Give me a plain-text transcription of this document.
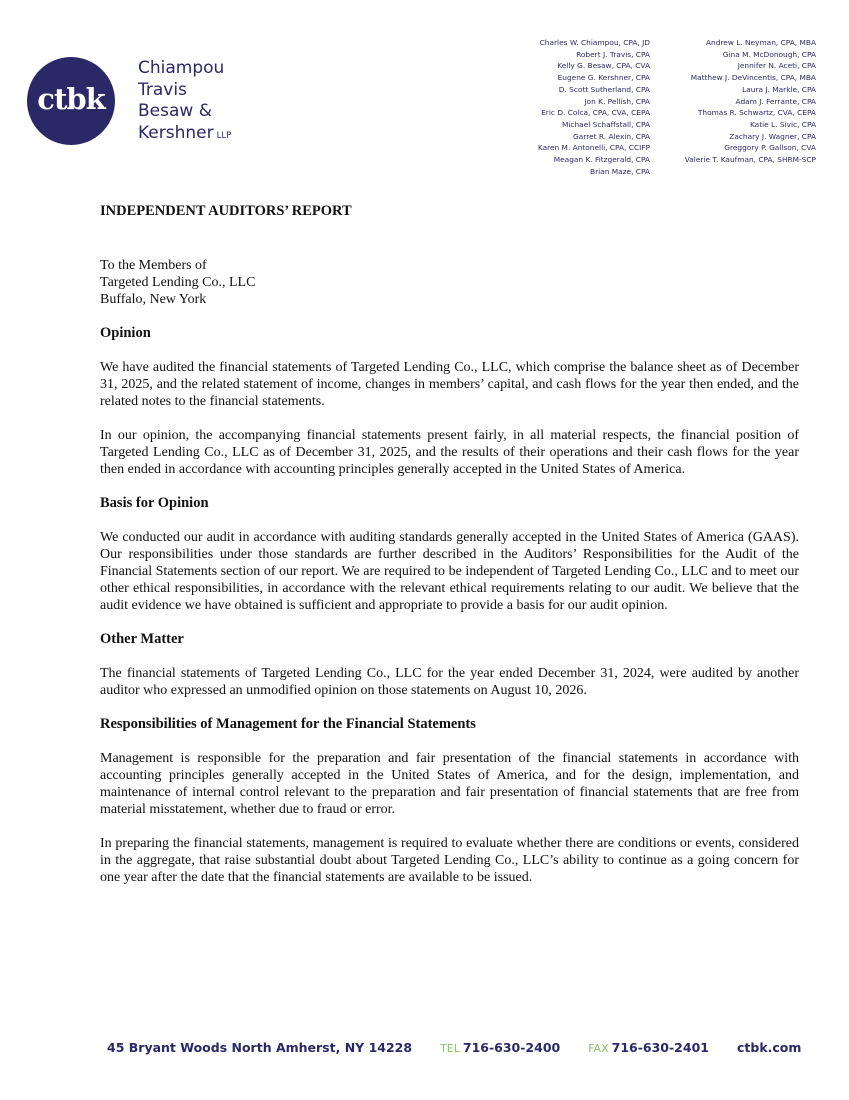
ctbk
Chiampou
Travis
Besaw &
Kershner LLP
Charles W. Chiampou, CPA, JD
Robert J. Travis, CPA
Kelly G. Besaw, CPA, CVA
Eugene G. Kershner, CPA
D. Scott Sutherland, CPA
Jon K. Pellish, CPA
Eric D. Colca, CPA, CVA, CEPA
Michael Schaffstall, CPA
Garret R. Alexin, CPA
Karen M. Antonelli, CPA, CCIFP
Meagan K. Fitzgerald, CPA
Brian Maze, CPA
Andrew L. Neyman, CPA, MBA
Gina M. McDonough, CPA
Jennifer N. Aceti, CPA
Matthew J. DeVincentis, CPA, MBA
Laura J. Markle, CPA
Adam J. Ferrante, CPA
Thomas R. Schwartz, CVA, CEPA
Katie L. Sivic, CPA
Zachary J. Wagner, CPA
Greggory P. Gallson, CVA
Valerie T. Kaufman, CPA, SHRM-SCP
INDEPENDENT AUDITORS’ REPORT
To the Members of
Targeted Lending Co., LLC
Buffalo, New York
Opinion

We have audited the financial statements of Targeted Lending Co., LLC, which comprise the balance sheet as of December 31, 2025, and the related statement of income, changes in members’ capital, and cash flows for the year then ended, and the related notes to the financial statements.

In our opinion, the accompanying financial statements present fairly, in all material respects, the financial position of Targeted Lending Co., LLC as of December 31, 2025, and the results of their operations and their cash flows for the year then ended in accordance with accounting principles generally accepted in the United States of America.

Basis for Opinion

We conducted our audit in accordance with auditing standards generally accepted in the United States of America (GAAS). Our responsibilities under those standards are further described in the Auditors’ Responsibilities for the Audit of the Financial Statements section of our report. We are required to be independent of Targeted Lending Co., LLC and to meet our other ethical responsibilities, in accordance with the relevant ethical requirements relating to our audit. We believe that the audit evidence we have obtained is sufficient and appropriate to provide a basis for our audit opinion.

Other Matter

The financial statements of Targeted Lending Co., LLC for the year ended December 31, 2024, were audited by another auditor who expressed an unmodified opinion on those statements on August 10, 2026.

Responsibilities of Management for the Financial Statements

Management is responsible for the preparation and fair presentation of the financial statements in accordance with accounting principles generally accepted in the United States of America, and for the design, implementation, and maintenance of internal control relevant to the preparation and fair presentation of financial statements that are free from material misstatement, whether due to fraud or error.

In preparing the financial statements, management is required to evaluate whether there are conditions or events, considered in the aggregate, that raise substantial doubt about Targeted Lending Co., LLC’s ability to continue as a going concern for one year after the date that the financial statements are available to be issued.

45 Bryant Woods North Amherst, NY 14228	TEL 716-630-2400	FAX 716-630-2401 ctbk.com
